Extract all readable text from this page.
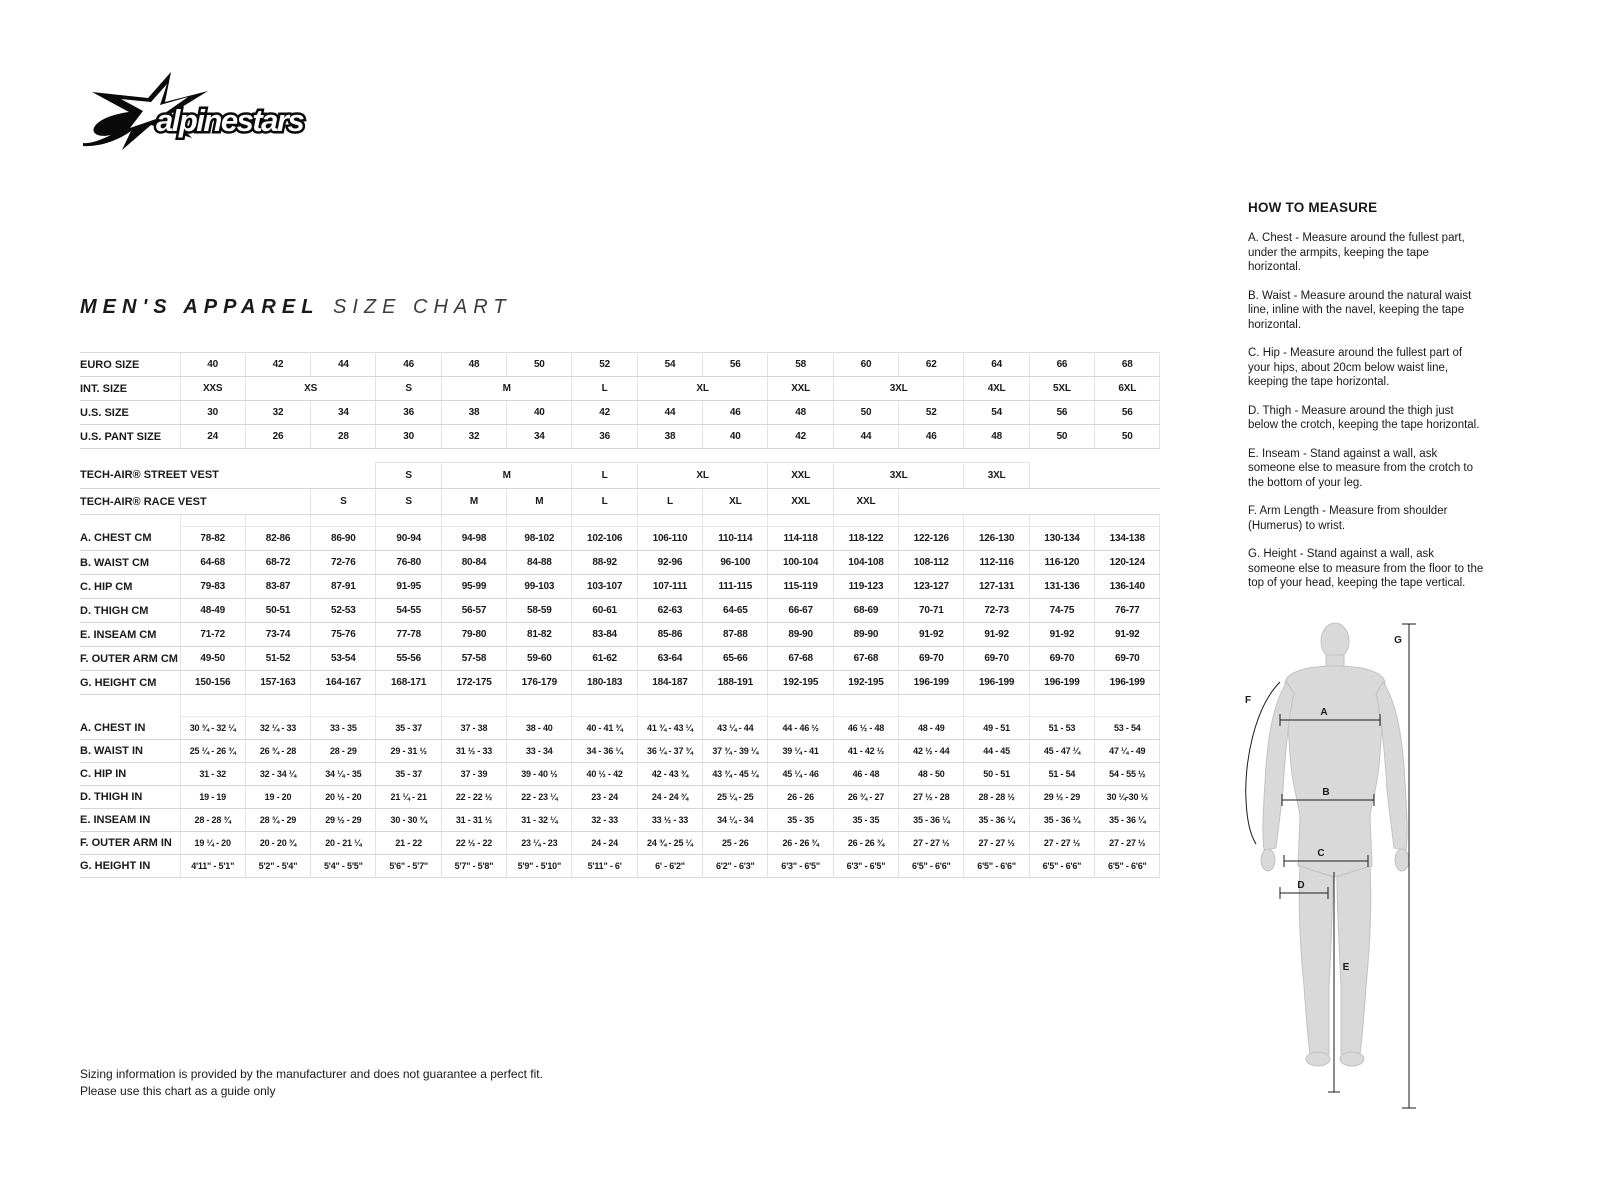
alpinestars
MEN'S APPAREL SIZE CHART
EURO SIZE	40	42	44	46	48	50	52	54	56	58	60	62	64	66	68
INT. SIZE	XXS	XS		S	M		L	XL		XXL	3XL		4XL	5XL	6XL
U.S. SIZE	30	32	34	36	38	40	42	44	46	48	50	52	54	56	56
U.S. PANT SIZE	24	26	28	30	32	34	36	38	40	42	44	46	48	50	50

TECH-AIR® STREET VEST				S	M		L	XL		XXL	3XL		3XL		
TECH-AIR® RACE VEST			S	S	M	M	L	L	XL	XXL	XXL				

A. CHEST CM	78-82	82-86	86-90	90-94	94-98	98-102	102-106	106-110	110-114	114-118	118-122	122-126	126-130	130-134	134-138
B. WAIST CM	64-68	68-72	72-76	76-80	80-84	84-88	88-92	92-96	96-100	100-104	104-108	108-112	112-116	116-120	120-124
C. HIP CM	79-83	83-87	87-91	91-95	95-99	99-103	103-107	107-111	111-115	115-119	119-123	123-127	127-131	131-136	136-140
D. THIGH CM	48-49	50-51	52-53	54-55	56-57	58-59	60-61	62-63	64-65	66-67	68-69	70-71	72-73	74-75	76-77
E. INSEAM CM	71-72	73-74	75-76	77-78	79-80	81-82	83-84	85-86	87-88	89-90	89-90	91-92	91-92	91-92	91-92
F. OUTER ARM CM	49-50	51-52	53-54	55-56	57-58	59-60	61-62	63-64	65-66	67-68	67-68	69-70	69-70	69-70	69-70
G. HEIGHT CM	150-156	157-163	164-167	168-171	172-175	176-179	180-183	184-187	188-191	192-195	192-195	196-199	196-199	196-199	196-199

A. CHEST IN	30 ¾ - 32 ¼	32 ¼ - 33	33 - 35	35 - 37	37 - 38	38 - 40	40 - 41 ¾	41 ¾ - 43 ¼	43 ¼ - 44	44 - 46 ½	46 ½ - 48	48 - 49	49 - 51	51 - 53	53 - 54
B. WAIST IN	25 ¼ - 26 ¾	26 ¾ - 28	28 - 29	29 - 31 ½	31 ½ - 33	33 - 34	34 - 36 ¼	36 ¼ - 37 ¾	37 ¾ - 39 ¼	39 ¼ - 41	41 - 42 ½	42 ½ - 44	44 - 45	45 - 47 ¼	47 ¼ - 49
C. HIP IN	31 - 32	32 - 34 ¼	34 ¼ - 35	35 - 37	37 - 39	39 - 40 ½	40 ½ - 42	42 - 43 ¾	43 ¾ - 45 ¼	45 ¼ - 46	46 - 48	48 - 50	50 - 51	51 - 54	54 - 55 ½
D. THIGH IN	19 - 19	19 - 20	20 ½ - 20	21 ¼ - 21	22 - 22 ½	22 - 23 ¼	23 - 24	24 - 24 ¾	25 ¼ - 25	26 - 26	26 ¾ - 27	27 ½ - 28	28 - 28 ½	29 ½ - 29	30 ¼-30 ½
E. INSEAM IN	28 - 28 ¾	28 ¾ - 29	29 ½ - 29	30 - 30 ¾	31 - 31 ½	31 - 32 ¼	32 - 33	33 ½ - 33	34 ¼ - 34	35 - 35	35 - 35	35 - 36 ¼	35 - 36 ¼	35 - 36 ¼	35 - 36 ¼
F. OUTER ARM IN	19 ¼ - 20	20 - 20 ¾	20 - 21 ¼	21 - 22	22 ½ - 22	23 ¼ - 23	24 - 24	24 ¾ - 25 ¼	25 - 26	26 - 26 ¾	26 - 26 ¾	27 - 27 ½	27 - 27 ½	27 - 27 ½	27 - 27 ½
G. HEIGHT IN	4'11" - 5'1"	5'2" - 5'4"	5'4" - 5'5"	5'6" - 5'7"	5'7" - 5'8"	5'9" - 5'10"	5'11" - 6'	6' - 6'2"	6'2" - 6'3"	6'3" - 6'5"	6'3" - 6'5"	6'5" - 6'6"	6'5" - 6'6"	6'5" - 6'6"	6'5" - 6'6"
HOW TO MEASURE

A. Chest - Measure around the fullest part, under the armpits, keeping the tape horizontal.

B. Waist - Measure around the natural waist line, inline with the navel, keeping the tape horizontal.

C. Hip - Measure around the fullest part of your hips, about 20cm below waist line, keeping the tape horizontal.

D. Thigh - Measure around the thigh just below the crotch, keeping the tape horizontal.

E. Inseam - Stand against a wall, ask someone else to measure from the crotch to the bottom of your leg.

F. Arm Length - Measure from shoulder (Humerus) to wrist.

G. Height - Stand against a wall, ask someone else to measure from the floor to the top of your head, keeping the tape vertical.

A
B
C
D
E
F
G
Sizing information is provided by the manufacturer and does not guarantee a perfect fit.
Please use this chart as a guide only
